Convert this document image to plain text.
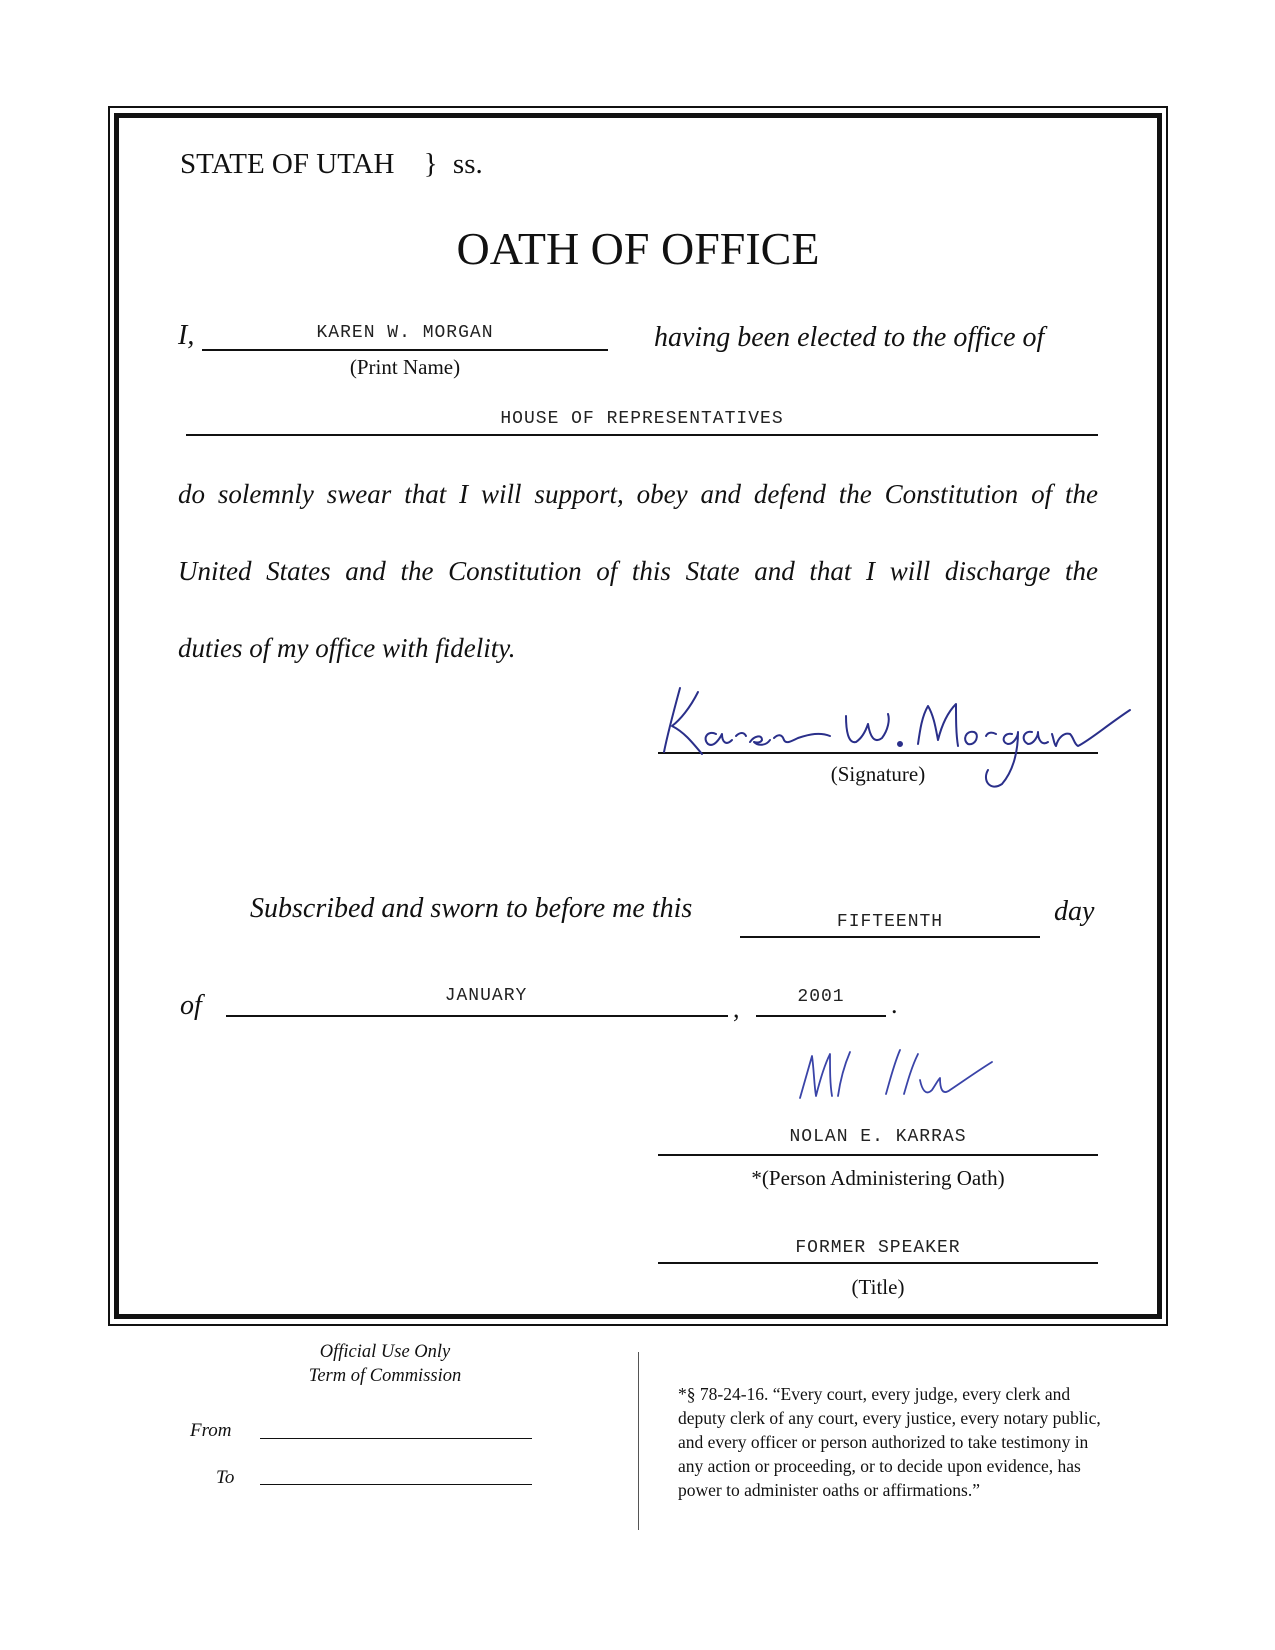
STATE OF UTAH } ss.
OATH OF OFFICE
I,	KAREN W. MORGAN
(Print Name)
having been elected to the office of
HOUSE OF REPRESENTATIVES
do solemnly swear that I will support, obey and defend the Constitution of the
United States and the Constitution of this State and that I will discharge the
duties of my office with fidelity.
(Signature)
Subscribed and sworn to before me this	FIFTEENTH	day
of	JANUARY	,	2001	.
NOLAN E. KARRAS
*(Person Administering Oath)
FORMER SPEAKER
(Title)
Official Use Only
Term of Commission
From
To
*§ 78-24-16. “Every court, every judge, every clerk and
deputy clerk of any court, every justice, every notary public,
and every officer or person authorized to take testimony in
any action or proceeding, or to decide upon evidence, has
power to administer oaths or affirmations.”
